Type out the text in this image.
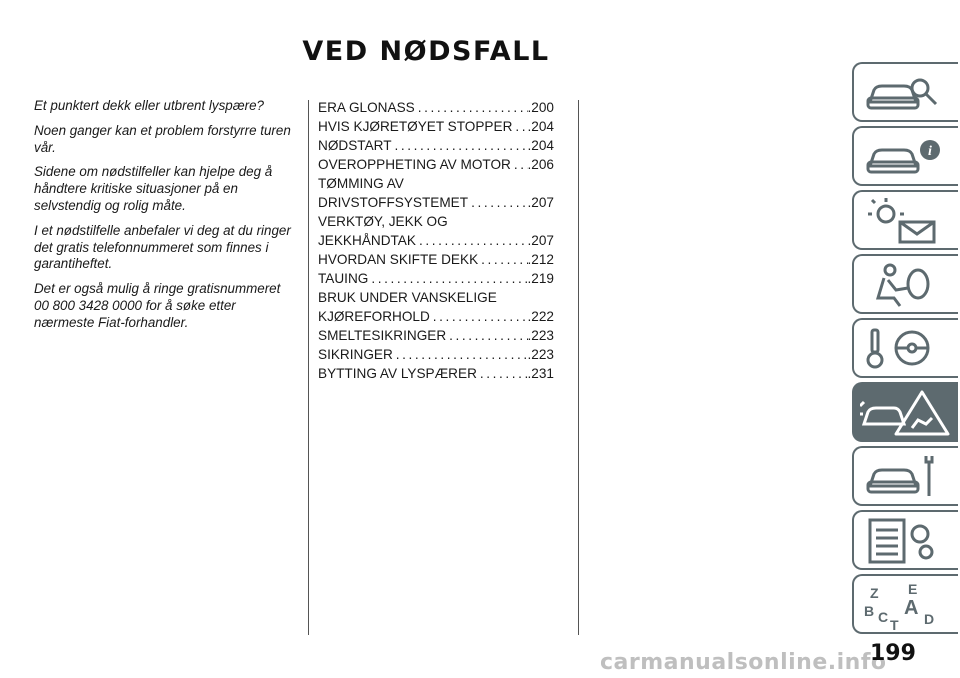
VED NØDSFALL

Et punktert dekk eller utbrent lyspære?

Noen ganger kan et problem forstyrre turen vår.

Sidene om nødstilfeller kan hjelpe deg å håndtere kritiske situasjoner på en selvstendig og rolig måte.

I et nødstilfelle anbefaler vi deg at du ringer det gratis telefonnummeret som finnes i garantiheftet.

Det er også mulig å ringe gratisnummeret 00 800 3428 0000 for å søke etter nærmeste Fiat-forhandler.

ERA GLONASS .....	.200
HVIS KJØRETØYET STOPPER ..... .204
NØDSTART .....	.204
OVEROPPHETING AV MOTOR ..... .206
TØMMING AV
DRIVSTOFFSYSTEMET .....	.207
VERKTØY, JEKK OG
JEKKHÅNDTAK .....	.207
HVORDAN SKIFTE DEKK .....	.212
TAUING .....	.219
BRUK UNDER VANSKELIGE
KJØREFORHOLD .....	.222
SMELTESIKRINGER .....	.223
SIKRINGER .....	.223
BYTTING AV LYSPÆRER .....	.231
i
Z E
B A
C	D
T
carmanualsonline.info
199
